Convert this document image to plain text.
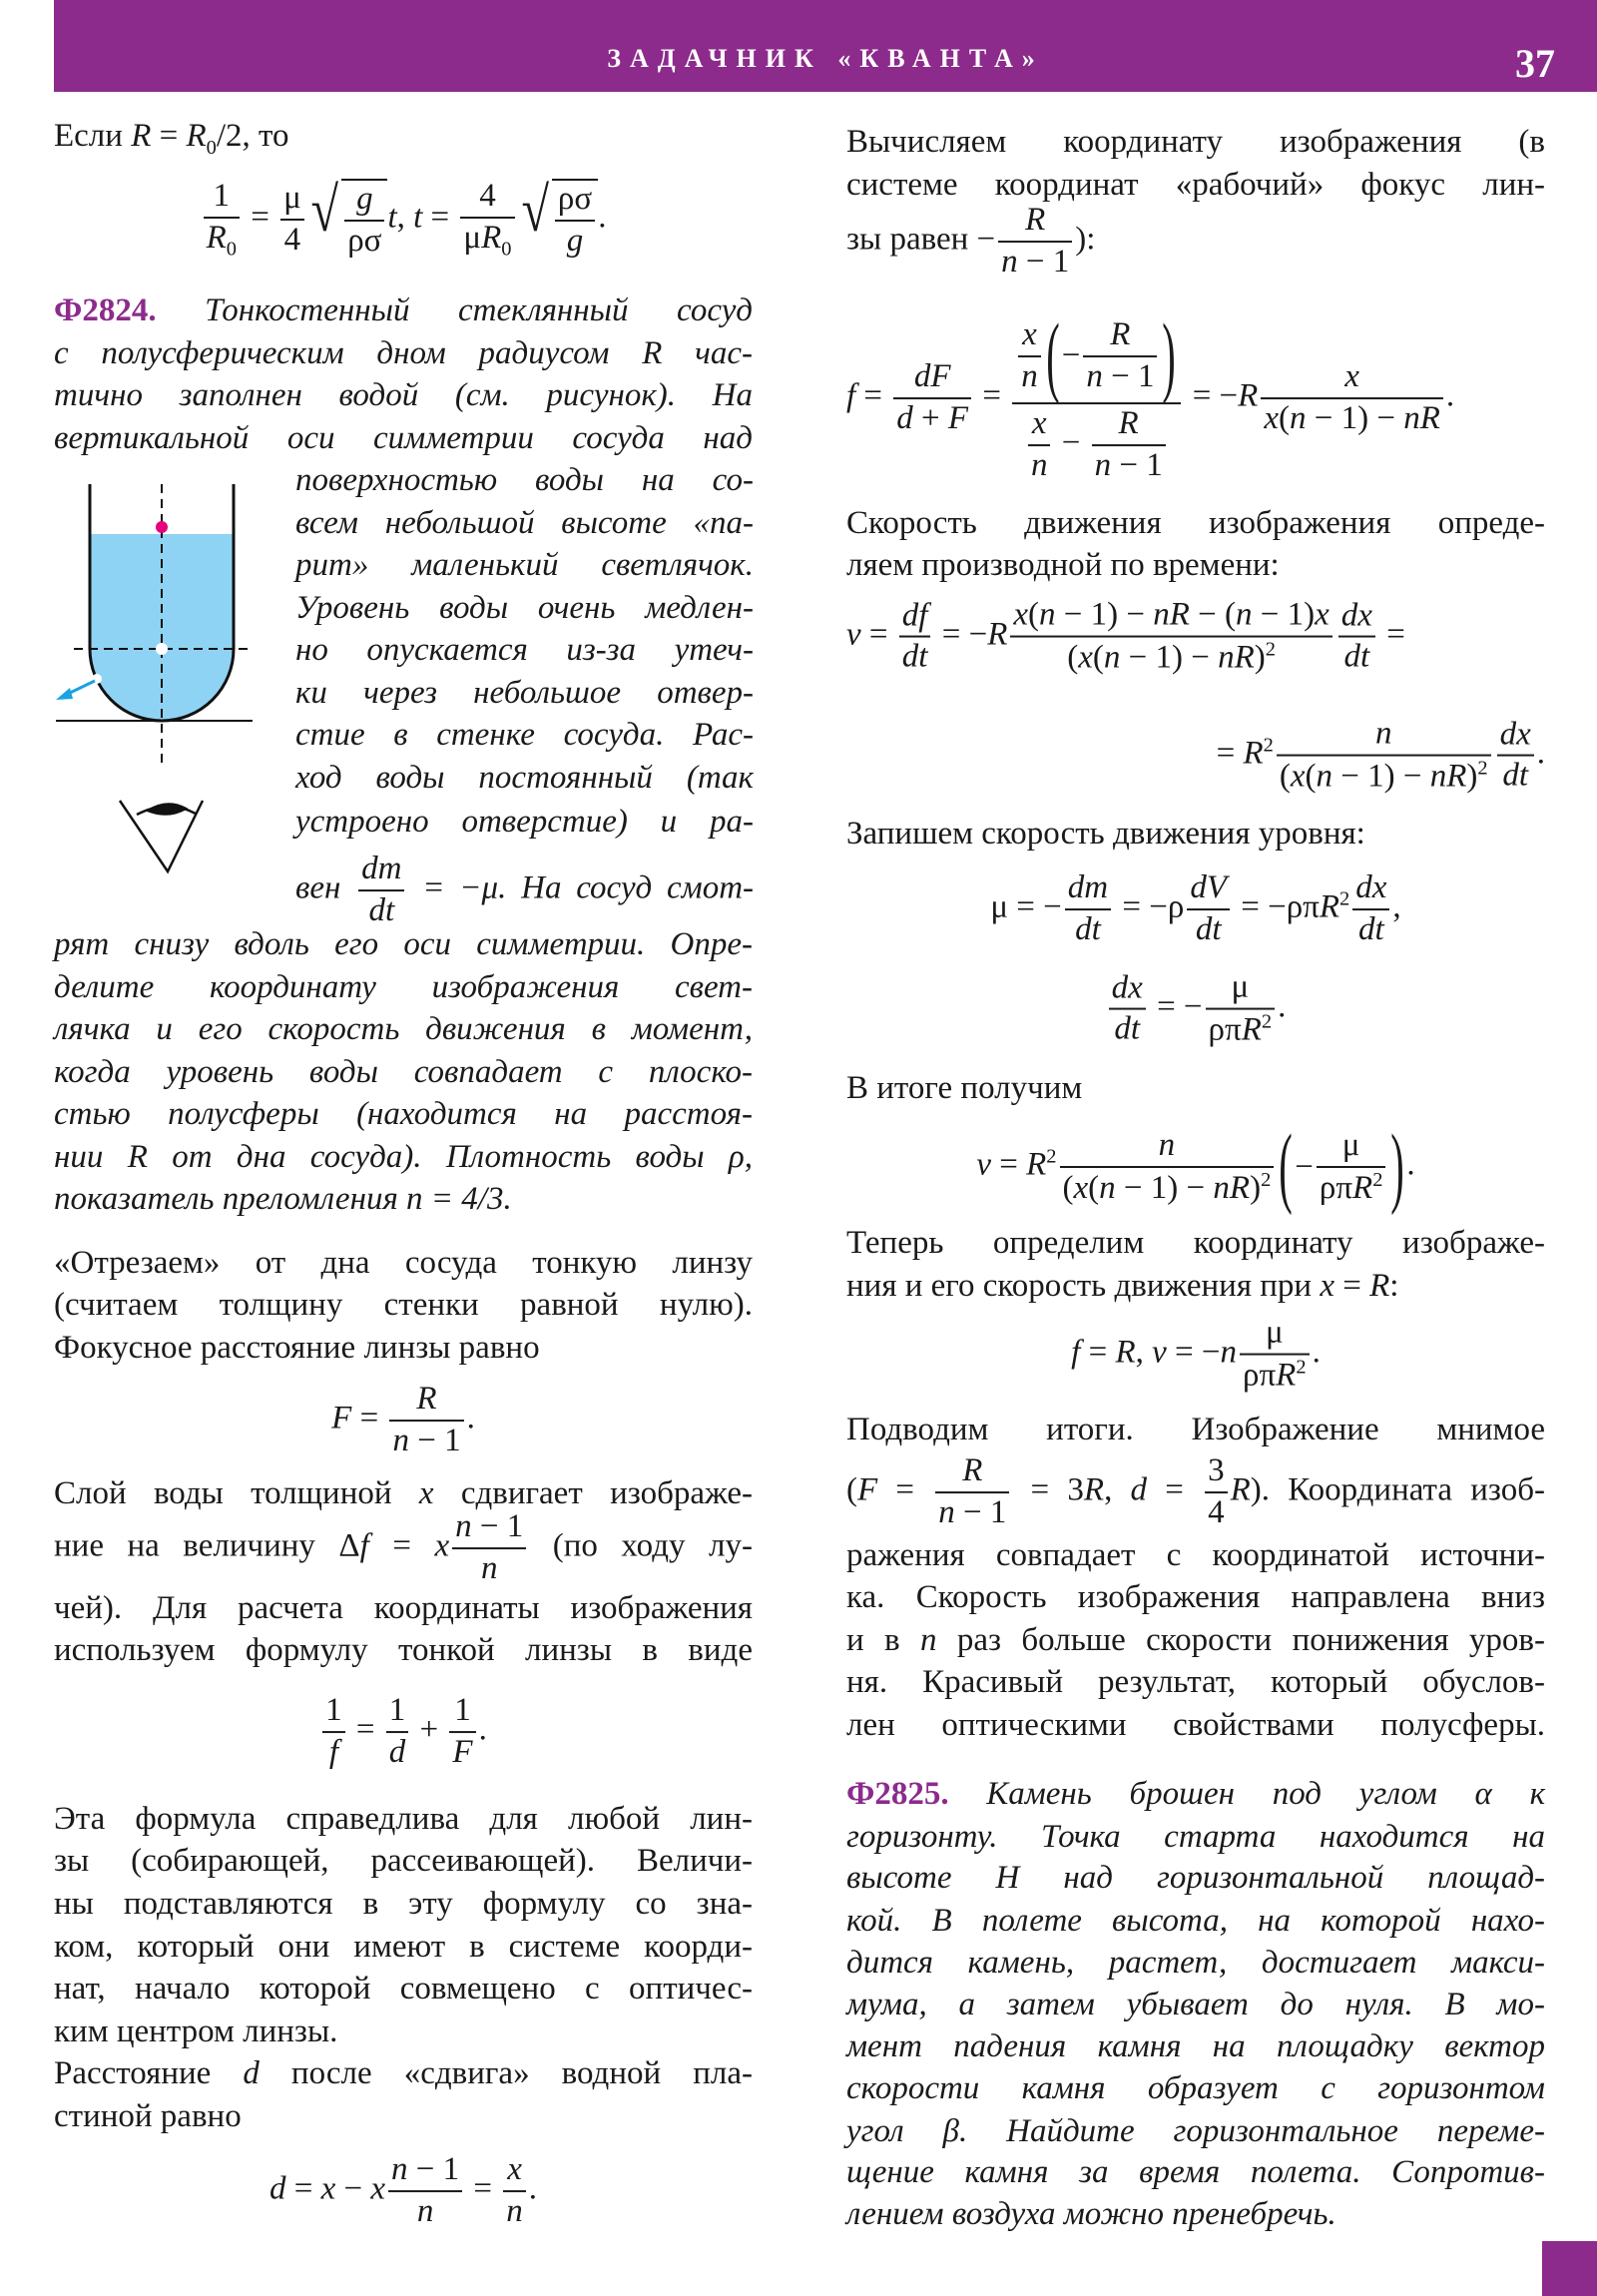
ЗАДАЧНИК «КВАНТА»	37
Если $R = R_0/2$, то
$\frac{1}{R_0} = \frac{\mu}{4}$ √ $\frac{g}{\rho\sigma} t$, $t = \frac{4}{\mu R_0}$ √ $\frac{\rho\sigma}{g}$ .
Ф2824. Тонкостенный стеклянный сосуд
с полусферическим дном радиусом R час-
тично заполнен водой (см. рисунок). На
вертикальной оси симметрии сосуда над
поверхностью воды на со-
всем небольшой высоте «па-
рит» маленький светлячок.
Уровень воды очень медлен-
но опускается из-за утеч-
ки через небольшое отвер-
стие в стенке сосуда. Рас-
ход воды постоянный (так
устроено отверстие) и ра-
вен $\frac{dm}{dt} = -\mu$. На сосуд смот-
рят снизу вдоль его оси симметрии. Опре-
делите координату изображения свет-
лячка и его скорость движения в момент,
когда уровень воды совпадает с плоско-
стью полусферы (находится на расстоя-
нии R от дна сосуда). Плотность воды ρ,
показатель преломления n = 4/3.
«Отрезаем» от дна сосуда тонкую линзу
(считаем толщину стенки равной нулю).
Фокусное расстояние линзы равно
$F = \frac{R}{n - 1}$ .
Слой воды толщиной x сдвигает изображе-
ние на величину Δf = x $\frac{n - 1}{n} (по$ ходу лу-
чей). Для расчета координаты изображения
используем формулу тонкой линзы в виде
$\frac{1}{f} = \frac{1}{d} + \frac{1}{F}$ .
Эта формула справедлива для любой лин-
зы (собирающей, рассеивающей). Величи-
ны подставляются в эту формулу со зна-
ком, который они имеют в системе коорди-
нат, начало которой совмещено с оптичес-
ким центром линзы.
Расстояние d после «сдвига» водной пла-
стиной равно
d = x − x $\frac{n - 1}{n} = \frac{x}{n}$ .
Вычисляем координату изображения (в
системе координат «рабочий» фокус лин-
зы равен − $\frac{R}{n - 1}$ ):
$f = \frac{dF}{d + F} = \frac{\frac{x}{n} ( - \frac{R}{n - 1} )}{\frac{x}{n} - \frac{R}{n - 1}} = -R \frac{x}{x(n - 1) - nR}$ .
Скорость движения изображения опреде-
ляем производной по времени:
$v = \frac{df}{dt} = -R \frac{x(n - 1) - nR - (n - 1)x}{(x(n - 1) - nR)^2} \frac{dx}{dt}$ =
= $R^2 \frac{n}{(x(n - 1) - nR)^2} \frac{dx}{dt}$ .
Запишем скорость движения уровня:
μ = − $\frac{dm}{dt} = -\rho \frac{dV}{dt} = -\rho\pi R^2 \frac{dx}{dt}$ ,
$\frac{dx}{dt}$ = − $\frac{\mu}{\rho\pi R^2}$ .
В итоге получим
$v = R^2 \frac{n}{(x(n - 1) - nR)^2}$ ( − $\frac{\mu}{\rho\pi R^2}$ ) .
Теперь определим координату изображе-
ния и его скорость движения при x = R:
f = R, $v = -n \frac{\mu}{\rho\pi R^2}$ .
Подводим итоги. Изображение мнимое
($F = \frac{R}{n - 1} = 3R$, $d = \frac{3}{4} R$). Координата изоб-
ражения совпадает с координатой источни-
ка. Скорость изображения направлена вниз
и в n раз больше скорости понижения уров-
ня. Красивый результат, который обуслов-
лен оптическими свойствами полусферы.
Ф2825. Камень брошен под углом α к
горизонту. Точка старта находится на
высоте H над горизонтальной площад-
кой. В полете высота, на которой нахо-
дится камень, растет, достигает макси-
мума, а затем убывает до нуля. В мо-
мент падения камня на площадку вектор
скорости камня образует с горизонтом
угол β. Найдите горизонтальное переме-
щение камня за время полета. Сопротив-
лением воздуха можно пренебречь.
